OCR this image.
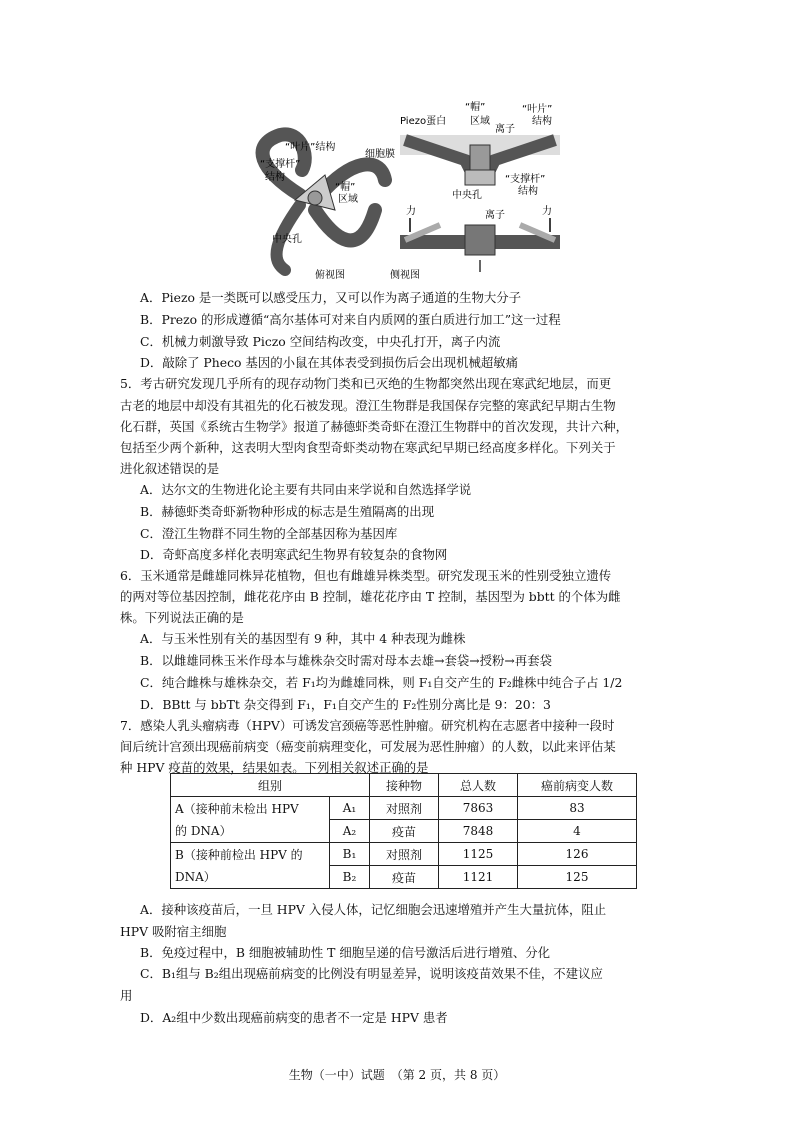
“叶片”结构
“支撑杆”
结构
“帽”
区域
中央孔
俯视图
“帽”
Piezo蛋白 区域
“叶片”
结构
离子
细胞膜
“支撑杆”
结构
中央孔
力	离子	力
侧视图
A．Piezo 是一类既可以感受压力，又可以作为离子通道的生物大分子
B．Prezo 的形成遵循“高尔基体可对来自内质网的蛋白质进行加工”这一过程
C．机械力刺激导致 Piczo 空间结构改变，中央孔打开，离子内流
D．敲除了 Pheco 基因的小鼠在其体表受到损伤后会出现机械超敏痛
5．考古研究发现几乎所有的现存动物门类和已灭绝的生物都突然出现在寒武纪地层，而更
古老的地层中却没有其祖先的化石被发现。澄江生物群是我国保存完整的寒武纪早期古生物
化石群，英国《系统古生物学》报道了赫德虾类奇虾在澄江生物群中的首次发现，共计六种，
包括至少两个新种，这表明大型肉食型奇虾类动物在寒武纪早期已经高度多样化。下列关于
进化叙述错误的是
A．达尔文的生物进化论主要有共同由来学说和自然选择学说
B．赫德虾类奇虾新物种形成的标志是生殖隔离的出现
C．澄江生物群不同生物的全部基因称为基因库
D．奇虾高度多样化表明寒武纪生物界有较复杂的食物网
6．玉米通常是雌雄同株异花植物，但也有雌雄异株类型。研究发现玉米的性别受独立遗传
的两对等位基因控制，雌花花序由 B 控制，雄花花序由 T 控制，基因型为 bbtt 的个体为雌
株。下列说法正确的是
A．与玉米性别有关的基因型有 9 种，其中 4 种表现为雌株
B．以雌雄同株玉米作母本与雄株杂交时需对母本去雄→套袋→授粉→再套袋
C．纯合雌株与雄株杂交，若 F₁均为雌雄同株，则 F₁自交产生的 F₂雌株中纯合子占 1/2
D．BBtt 与 bbTt 杂交得到 F₁，F₁自交产生的 F₂性别分离比是 9：20：3
7．感染人乳头瘤病毒（HPV）可诱发宫颈癌等恶性肿瘤。研究机构在志愿者中接种一段时
间后统计宫颈出现癌前病变（癌变前病理变化，可发展为恶性肿瘤）的人数，以此来评估某
种 HPV 疫苗的效果，结果如表。下列相关叙述正确的是
组别		接种物	总人数	癌前病变人数
A（接种前未检出 HPV
的 DNA）	A₁	对照剂	7863	83
	A₂	疫苗	7848	4
B（接种前检出 HPV 的
DNA）	B₁	对照剂	1125	126
	B₂	疫苗	1121	125
A．接种该疫苗后，一旦 HPV 入侵人体，记忆细胞会迅速增殖并产生大量抗体，阻止
HPV 吸附宿主细胞
B．免疫过程中，B 细胞被辅助性 T 细胞呈递的信号激活后进行增殖、分化
C．B₁组与 B₂组出现癌前病变的比例没有明显差异，说明该疫苗效果不佳，不建议应
用
D．A₂组中少数出现癌前病变的患者不一定是 HPV 患者
生物（一中）试题　（第 2 页，共 8 页）
